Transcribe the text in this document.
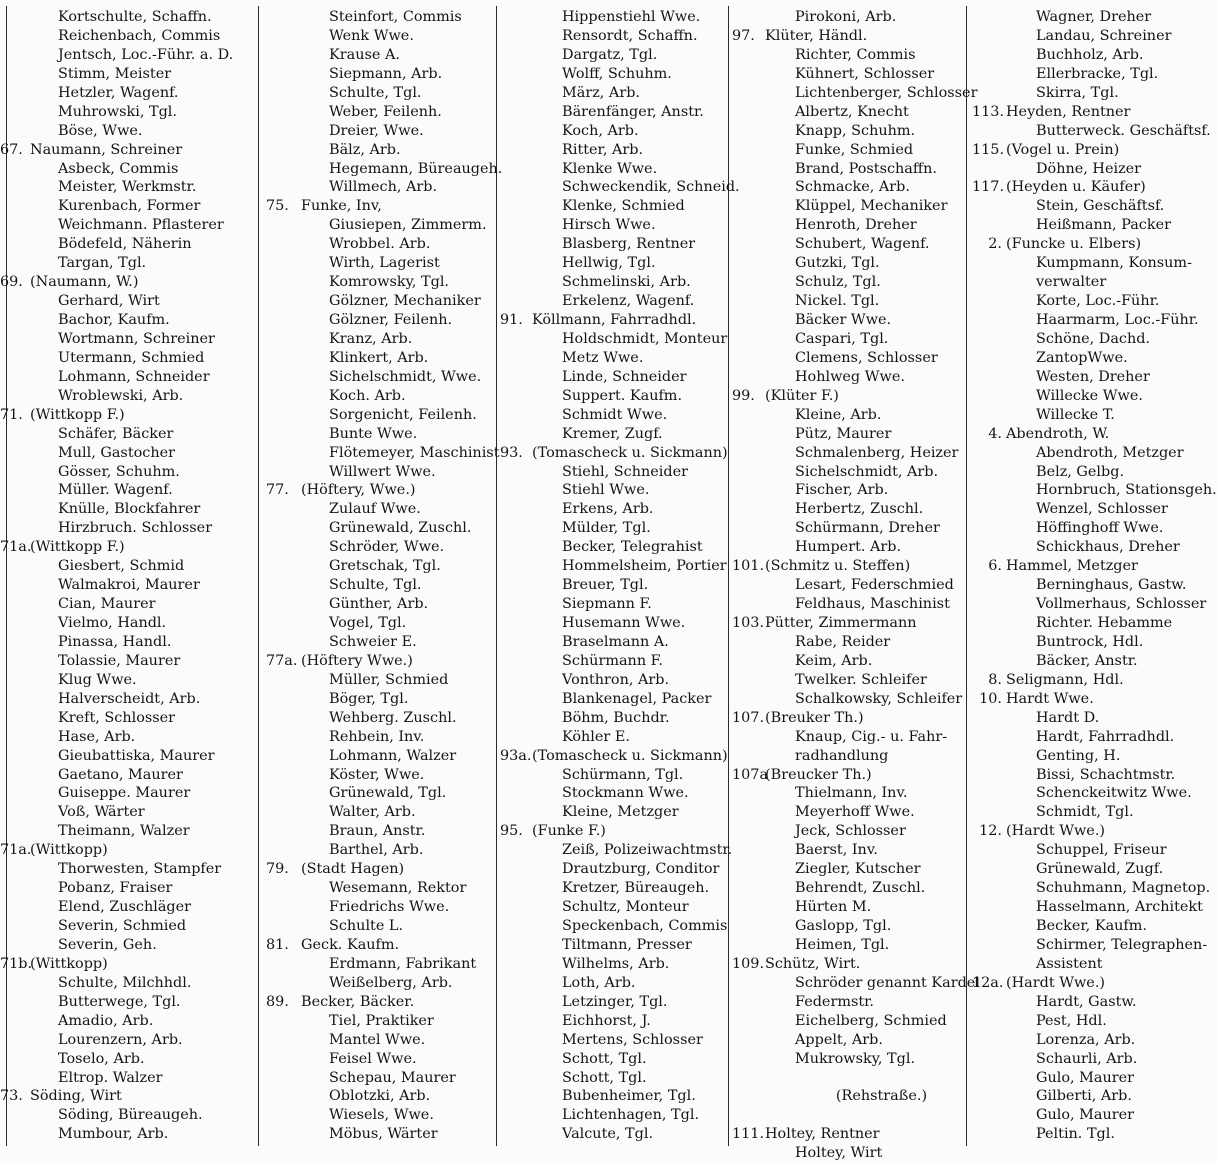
Kortschulte, Schaffn.
Reichenbach, Commis
Jentsch, Loc.-Führ. a. D.
Stimm, Meister
Hetzler, Wagenf.
Muhrowski, Tgl.
Böse, Wwe.
67. Naumann, Schreiner
Asbeck, Commis
Meister, Werkmstr.
Kurenbach, Former
Weichmann. Pflasterer
Bödefeld, Näherin
Targan, Tgl.
69. (Naumann, W.)
Gerhard, Wirt
Bachor, Kaufm.
Wortmann, Schreiner
Utermann, Schmied
Lohmann, Schneider
Wroblewski, Arb.
71. (Wittkopp F.)
Schäfer, Bäcker
Mull, Gastocher
Gösser, Schuhm.
Müller. Wagenf.
Knülle, Blockfahrer
Hirzbruch. Schlosser
71a.
(Wittkopp F.)
Giesbert, Schmid
Walmakroi, Maurer
Cian, Maurer
Vielmo, Handl.
Pinassa, Handl.
Tolassie, Maurer
Klug Wwe.
Halverscheidt, Arb.
Kreft, Schlosser
Hase, Arb.
Gieubattiska, Maurer
Gaetano, Maurer
Guiseppe. Maurer
Voß, Wärter
Theimann, Walzer
71a.
(Wittkopp)
Thorwesten, Stampfer
Pobanz, Fraiser
Elend, Zuschläger
Severin, Schmied
Severin, Geh.
71b.
(Wittkopp)
Schulte, Milchhdl.
Butterwege, Tgl.
Amadio, Arb.
Lourenzern, Arb.
Toselo, Arb.
Eltrop. Walzer
73. Söding, Wirt
Söding, Büreaugeh.
Mumbour, Arb.
Steinfort, Commis
Wenk Wwe.
Krause A.
Siepmann, Arb.
Schulte, Tgl.
Weber, Feilenh.
Dreier, Wwe.
Bälz, Arb.
Hegemann, Büreaugeh.
Willmech, Arb.
75. Funke, Inv,
Giusiepen, Zimmerm.
Wrobbel. Arb.
Wirth, Lagerist
Komrowsky, Tgl.
Gölzner, Mechaniker
Gölzner, Feilenh.
Kranz, Arb.
Klinkert, Arb.
Sichelschmidt, Wwe.
Koch. Arb.
Sorgenicht, Feilenh.
Bunte Wwe.
Flötemeyer, Maschinist
Willwert Wwe.
77. (Höftery, Wwe.)
Zulauf Wwe.
Grünewald, Zuschl.
Schröder, Wwe.
Gretschak, Tgl.
Schulte, Tgl.
Günther, Arb.
Vogel, Tgl.
Schweier E.
77a. (Höftery Wwe.)
Müller, Schmied
Böger, Tgl.
Wehberg. Zuschl.
Rehbein, Inv.
Lohmann, Walzer
Köster, Wwe.
Grünewald, Tgl.
Walter, Arb.
Braun, Anstr.
Barthel, Arb.
79. (Stadt Hagen)
Wesemann, Rektor
Friedrichs Wwe.
Schulte L.
81. Geck. Kaufm.
Erdmann, Fabrikant
Weißelberg, Arb.
89. Becker, Bäcker.
Tiel, Praktiker
Mantel Wwe.
Feisel Wwe.
Schepau, Maurer
Oblotzki, Arb.
Wiesels, Wwe.
Möbus, Wärter
Hippenstiehl Wwe.
Rensordt, Schaffn.
Dargatz, Tgl.
Wolff, Schuhm.
März, Arb.
Bärenfänger, Anstr.
Koch, Arb.
Ritter, Arb.
Klenke Wwe.
Schweckendik, Schneid.
Klenke, Schmied
Hirsch Wwe.
Blasberg, Rentner
Hellwig, Tgl.
Schmelinski, Arb.
Erkelenz, Wagenf.
91. Köllmann, Fahrradhdl.
Holdschmidt, Monteur
Metz Wwe.
Linde, Schneider
Suppert. Kaufm.
Schmidt Wwe.
Kremer, Zugf.
93. (Tomascheck u. Sickmann)
Stiehl, Schneider
Stiehl Wwe.
Erkens, Arb.
Mülder, Tgl.
Becker, Telegrahist
Hommelsheim, Portier
Breuer, Tgl.
Siepmann F.
Husemann Wwe.
Braselmann A.
Schürmann F.
Vonthron, Arb.
Blankenagel, Packer
Böhm, Buchdr.
Köhler E.
93a. (Tomascheck u. Sickmann)
Schürmann, Tgl.
Stockmann Wwe.
Kleine, Metzger
95. (Funke F.)
Zeiß, Polizeiwachtmstr.
Drautzburg, Conditor
Kretzer, Büreaugeh.
Schultz, Monteur
Speckenbach, Commis
Tiltmann, Presser
Wilhelms, Arb.
Loth, Arb.
Letzinger, Tgl.
Eichhorst, J.
Mertens, Schlosser
Schott, Tgl.
Schott, Tgl.
Bubenheimer, Tgl.
Lichtenhagen, Tgl.
Valcute, Tgl.
Pirokoni, Arb.
97. Klüter, Händl.
Richter, Commis
Kühnert, Schlosser
Lichtenberger, Schlosser
Albertz, Knecht
Knapp, Schuhm.
Funke, Schmied
Brand, Postschaffn.
Schmacke, Arb.
Klüppel, Mechaniker
Henroth, Dreher
Schubert, Wagenf.
Gutzki, Tgl.
Schulz, Tgl.
Nickel. Tgl.
Bäcker Wwe.
Caspari, Tgl.
Clemens, Schlosser
Hohlweg Wwe.
99. (Klüter F.)
Kleine, Arb.
Pütz, Maurer
Schmalenberg, Heizer
Sichelschmidt, Arb.
Fischer, Arb.
Herbertz, Zuschl.
Schürmann, Dreher
Humpert. Arb.
101. (Schmitz u. Steffen)
Lesart, Federschmied
Feldhaus, Maschinist
103. Pütter, Zimmermann
Rabe, Reider
Keim, Arb.
Twelker. Schleifer
Schalkowsky, Schleifer
107. (Breuker Th.)
Knaup, Cig.- u. Fahr-
radhandlung
107a
(Breucker Th.)
Thielmann, Inv.
Meyerhoff Wwe.
Jeck, Schlosser
Baerst, Inv.
Ziegler, Kutscher
Behrendt, Zuschl.
Hürten M.
Gaslopp, Tgl.
Heimen, Tgl.
109. Schütz, Wirt.
Schröder genannt Kardel
Federmstr.
Eichelberg, Schmied
Appelt, Arb.
Mukrowsky, Tgl.
(Rehstraße.)
111. Holtey, Rentner
Holtey, Wirt
Wagner, Dreher
Landau, Schreiner
Buchholz, Arb.
Ellerbracke, Tgl.
Skirra, Tgl.
113. Heyden, Rentner
Butterweck. Geschäftsf.
115. (Vogel u. Prein)
Döhne, Heizer
117. (Heyden u. Käufer)
Stein, Geschäftsf.
Heißmann, Packer
2. (Funcke u. Elbers)
Kumpmann, Konsum-
verwalter
Korte, Loc.-Führ.
Haarmarm, Loc.-Führ.
Schöne, Dachd.
ZantopWwe.
Westen, Dreher
Willecke Wwe.
Willecke T.
4. Abendroth, W.
Abendroth, Metzger
Belz, Gelbg.
Hornbruch, Stationsgeh.
Wenzel, Schlosser
Höffinghoff Wwe.
Schickhaus, Dreher
6. Hammel, Metzger
Berninghaus, Gastw.
Vollmerhaus, Schlosser
Richter. Hebamme
Buntrock, Hdl.
Bäcker, Anstr.
8. Seligmann, Hdl.
10. Hardt Wwe.
Hardt D.
Hardt, Fahrradhdl.
Genting, H.
Bissi, Schachtmstr.
Schenckeitwitz Wwe.
Schmidt, Tgl.
12. (Hardt Wwe.)
Schuppel, Friseur
Grünewald, Zugf.
Schuhmann, Magnetop.
Hasselmann, Architekt
Becker, Kaufm.
Schirmer, Telegraphen-
Assistent
12a. (Hardt Wwe.)
Hardt, Gastw.
Pest, Hdl.
Lorenza, Arb.
Schaurli, Arb.
Gulo, Maurer
Gilberti, Arb.
Gulo, Maurer
Peltin. Tgl.
